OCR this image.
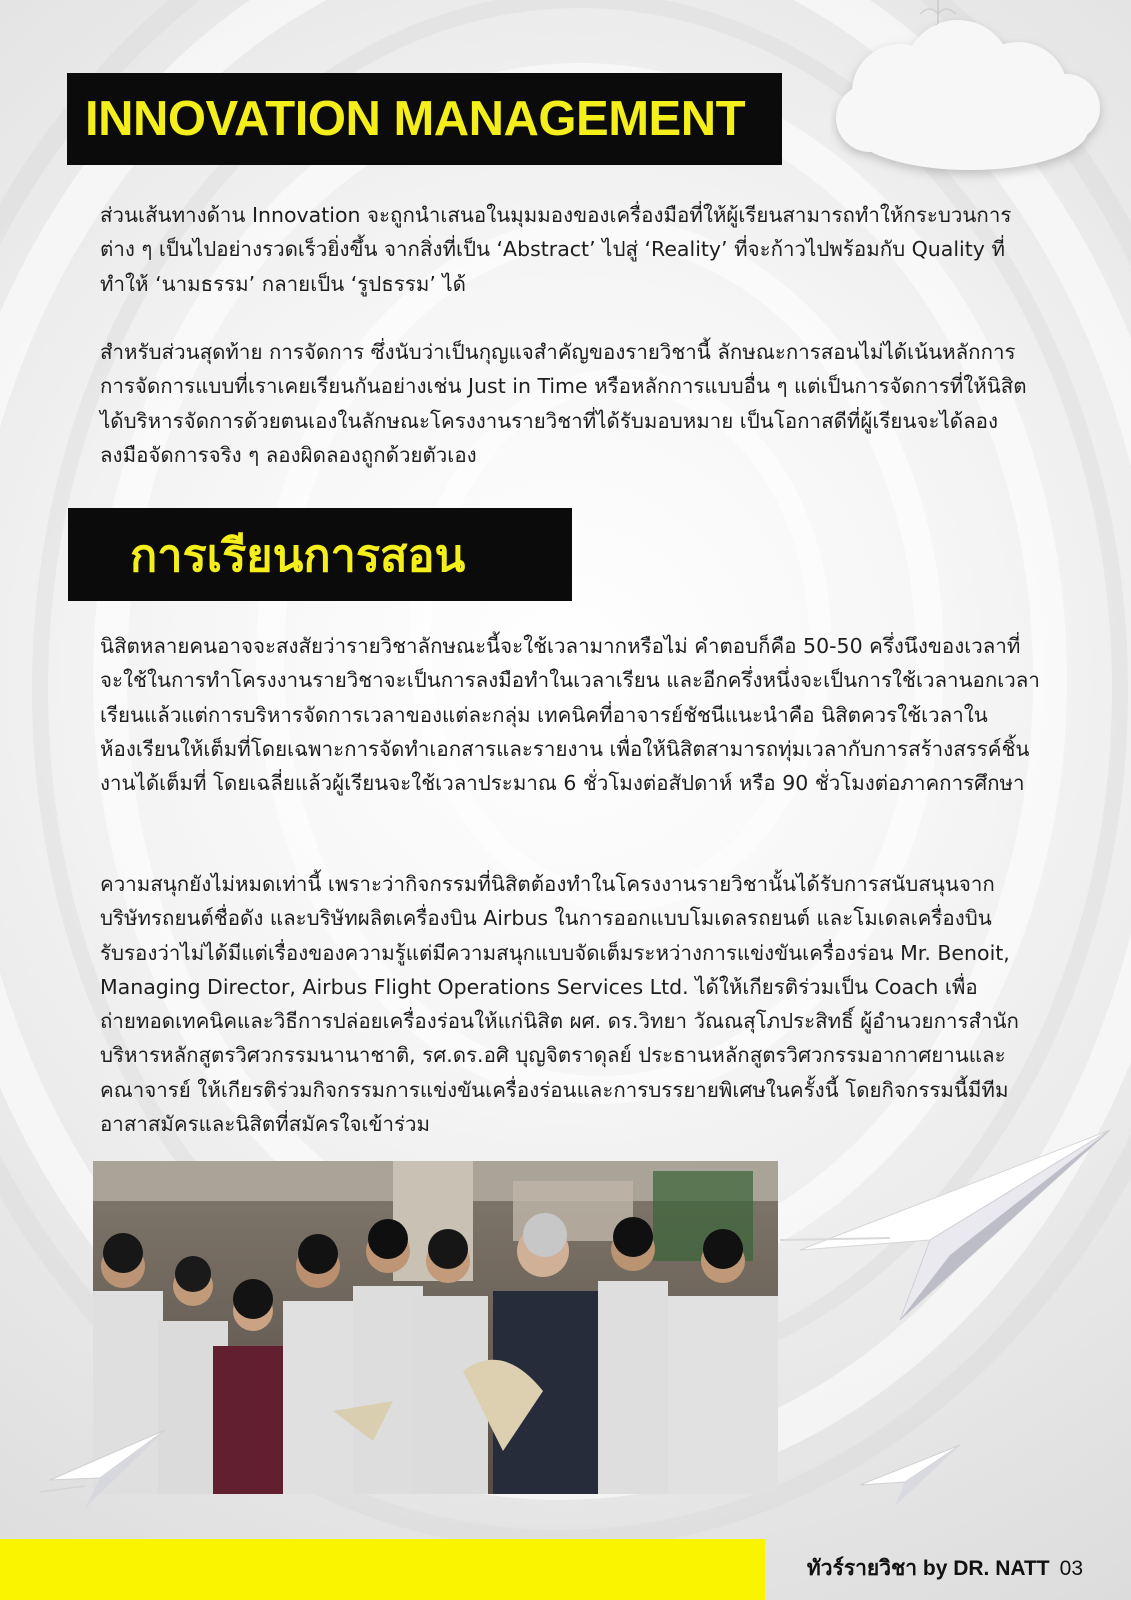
INNOVATION MANAGEMENT

ส่วนเส้นทางด้าน Innovation จะถูกนำเสนอในมุมมองของเครื่องมือที่ให้ผู้เรียนสามารถทำให้กระบวนการต่าง ๆ เป็นไปอย่างรวดเร็วยิ่งขึ้น จากสิ่งที่เป็น ‘Abstract’ ไปสู่ ‘Reality’ ที่จะก้าวไปพร้อมกับ Quality ที่ทำให้ ‘นามธรรม’ กลายเป็น ‘รูปธรรม’ ได้

สำหรับส่วนสุดท้าย การจัดการ ซึ่งนับว่าเป็นกุญแจสำคัญของรายวิชานี้ ลักษณะการสอนไม่ได้เน้นหลักการการจัดการแบบที่เราเคยเรียนกันอย่างเช่น Just in Time หรือหลักการแบบอื่น ๆ แต่เป็นการจัดการที่ให้นิสิตได้บริหารจัดการด้วยตนเองในลักษณะโครงงานรายวิชาที่ได้รับมอบหมาย เป็นโอกาสดีที่ผู้เรียนจะได้ลองลงมือจัดการจริง ๆ ลองผิดลองถูกด้วยตัวเอง

การเรียนการสอน

นิสิตหลายคนอาจจะสงสัยว่ารายวิชาลักษณะนี้จะใช้เวลามากหรือไม่ คำตอบก็คือ 50-50 ครึ่งนึงของเวลาที่จะใช้ในการทำโครงงานรายวิชาจะเป็นการลงมือทำในเวลาเรียน และอีกครึ่งหนึ่งจะเป็นการใช้เวลานอกเวลาเรียนแล้วแต่การบริหารจัดการเวลาของแต่ละกลุ่ม เทคนิคที่อาจารย์ชัชนีแนะนำคือ นิสิตควรใช้เวลาในห้องเรียนให้เต็มที่โดยเฉพาะการจัดทำเอกสารและรายงาน เพื่อให้นิสิตสามารถทุ่มเวลากับการสร้างสรรค์ชิ้นงานได้เต็มที่ โดยเฉลี่ยแล้วผู้เรียนจะใช้เวลาประมาณ 6 ชั่วโมงต่อสัปดาห์ หรือ 90 ชั่วโมงต่อภาคการศึกษา

ความสนุกยังไม่หมดเท่านี้ เพราะว่ากิจกรรมที่นิสิตต้องทำในโครงงานรายวิชานั้นได้รับการสนับสนุนจากบริษัทรถยนต์ชื่อดัง และบริษัทผลิตเครื่องบิน Airbus ในการออกแบบโมเดลรถยนต์ และโมเดลเครื่องบิน รับรองว่าไม่ได้มีแต่เรื่องของความรู้แต่มีความสนุกแบบจัดเต็มระหว่างการแข่งขันเครื่องร่อน Mr. Benoit, Managing Director, Airbus Flight Operations Services Ltd. ได้ให้เกียรติร่วมเป็น Coach เพื่อถ่ายทอดเทคนิคและวิธีการปล่อยเครื่องร่อนให้แก่นิสิต ผศ. ดร.วิทยา วัณณสุโภประสิทธิ์ ผู้อำนวยการสำนักบริหารหลักสูตรวิศวกรรมนานาชาติ, รศ.ดร.อศิ บุญจิตราดุลย์ ประธานหลักสูตรวิศวกรรมอากาศยานและคณาจารย์ ให้เกียรติร่วมกิจกรรมการแข่งขันเครื่องร่อนและการบรรยายพิเศษในครั้งนี้ โดยกิจกรรมนี้มีทีมอาสาสมัครและนิสิตที่สมัครใจเข้าร่วม

ทัวร์รายวิชา by DR. NATT 03
